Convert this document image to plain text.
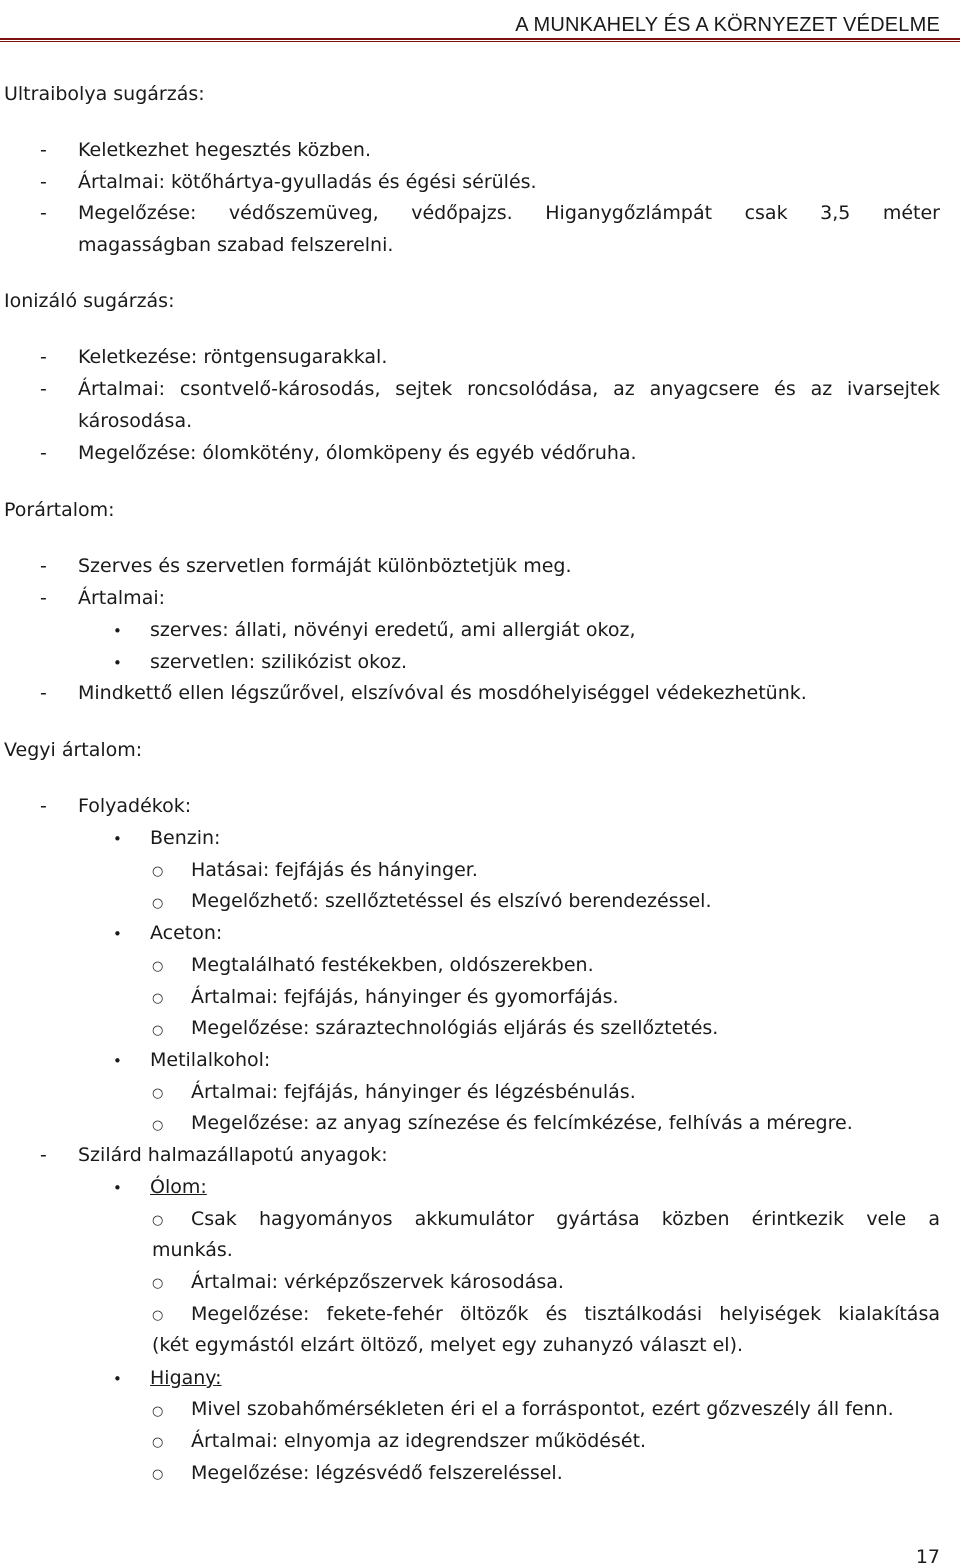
A MUNKAHELY ÉS A KÖRNYEZET VÉDELME
Ultraibolya sugárzás:
- Keletkezhet hegesztés közben.
- Ártalmai: kötőhártya-gyulladás és égési sérülés.
- Megelőzése: védőszemüveg, védőpajzs. Higanygőzlámpát csak 3,5 méter
magasságban szabad felszerelni.
Ionizáló sugárzás:
- Keletkezése: röntgensugarakkal.
- Ártalmai: csontvelő-károsodás, sejtek roncsolódása, az anyagcsere és az ivarsejtek
károsodása.
- Megelőzése: ólomkötény, ólomköpeny és egyéb védőruha.
Porártalom:
- Szerves és szervetlen formáját különböztetjük meg.
- Ártalmai:
• szerves: állati, növényi eredetű, ami allergiát okoz,
• szervetlen: szilikózist okoz.
- Mindkettő ellen légszűrővel, elszívóval és mosdóhelyiséggel védekezhetünk.
Vegyi ártalom:
- Folyadékok:
• Benzin:
○ Hatásai: fejfájás és hányinger.
○ Megelőzhető: szellőztetéssel és elszívó berendezéssel.
• Aceton:
○ Megtalálható festékekben, oldószerekben.
○ Ártalmai: fejfájás, hányinger és gyomorfájás.
○ Megelőzése: száraztechnológiás eljárás és szellőztetés.
• Metilalkohol:
○ Ártalmai: fejfájás, hányinger és légzésbénulás.
○ Megelőzése: az anyag színezése és felcímkézése, felhívás a méregre.
- Szilárd halmazállapotú anyagok:
• Ólom:
○ Csak hagyományos akkumulátor gyártása közben érintkezik vele a
munkás.
○ Ártalmai: vérképzőszervek károsodása.
○ Megelőzése: fekete-fehér öltözők és tisztálkodási helyiségek kialakítása
(két egymástól elzárt öltöző, melyet egy zuhanyzó választ el).
• Higany:
○ Mivel szobahőmérsékleten éri el a forráspontot, ezért gőzveszély áll fenn.
○ Ártalmai: elnyomja az idegrendszer működését.
○ Megelőzése: légzésvédő felszereléssel.
17
